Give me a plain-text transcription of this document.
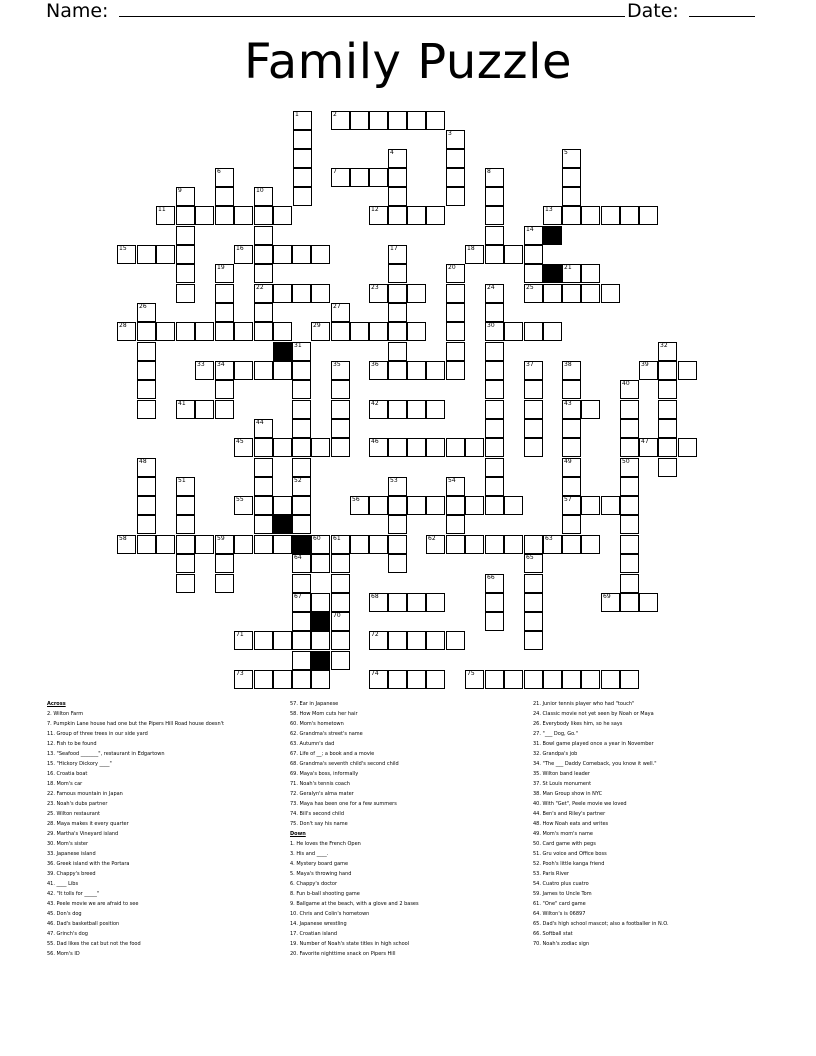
Name:	Date:
Family Puzzle
1	2
3
4	5
6	7	8
9	10
11	12	13
14
15	16	17	18
19	20	21
22	23	24	25
26	27
28	29	30
31	32
33 34	35	36	37	38	39
40
41	42	43
44
45	46	47
48	49	50
51	52	53	54
55	56	57
58	59	60 61	62	63
64	65
66
67	68	69
70
71	72
73	74	75
Across
2. Wilton Farm
7. Pumpkin Lane house had one but the Pipers Hill Road house doesn't
11. Group of three trees in our side yard
12. Fish to be found
13. "Seafood _______", restaurant in Edgartown
15. "Hickory Dickory ____"
16. Croatia boat
18. Mom's car
22. Famous mountain in Japan
23. Noah's dubs partner
25. Wilton restaurant
28. Maya makes it every quarter
29. Martha's Vineyard island
30. Mom's sister
33. Japanese island
36. Greek island with the Portara
39. Chappy's breed
41. ____ Libs
42. "It tolls for _____"
43. Peele movie we are afraid to see
45. Don's dog
46. Dad's basketball position
47. Grinch's dog
55. Dad likes the cat but not the food
56. Mom's ID
57. Ear in Japanese
58. How Mom cuts her hair
60. Mom's hometown
62. Grandma's street's name
63. Autumn's dad
67. Life of __; a book and a movie
68. Grandma's seventh child's second child
69. Maya's boss, informally
71. Noah's tennis coach
72. Geralyn's alma mater
73. Maya has been one for a few summers
74. Bill's second child
75. Don't say his name
Down
1. He loves the French Open
3. His and ____.
4. Mystery board game
5. Maya's throwing hand
6. Chappy's doctor
8. Fun b-ball shooting game
9. Ballgame at the beach, with a glove and 2 bases
10. Chris and Colin's hometown
14. Japanese wrestling
17. Croatian island
19. Number of Noah's state titles in high school
20. Favorite nighttime snack on Pipers Hill
21. Junior tennis player who had "touch"
24. Classic movie not yet seen by Noah or Maya
26. Everybody likes him, so he says
27. "___ Dog, Go."
31. Bowl game played once a year in November
32. Grandpa's job
34. "The ___ Daddy Comeback, you know it well."
35. Wilton band leader
37. St Louis monument
38. Man Group show in NYC
40. With "Get", Peele movie we loved
44. Ben's and Riley's partner
48. How Noah eats and writes
49. Mom's mom's name
50. Card game with pegs
51. Gru voice and Office boss
52. Pooh's little kanga friend
53. Paris River
54. Cuatro plus cuatro
59. James to Uncle Tom
61. "One" card game
64. Wilton's is 06897
65. Dad's high school mascot; also a footballer in N.O.
66. Softball stat
70. Noah's zodiac sign
